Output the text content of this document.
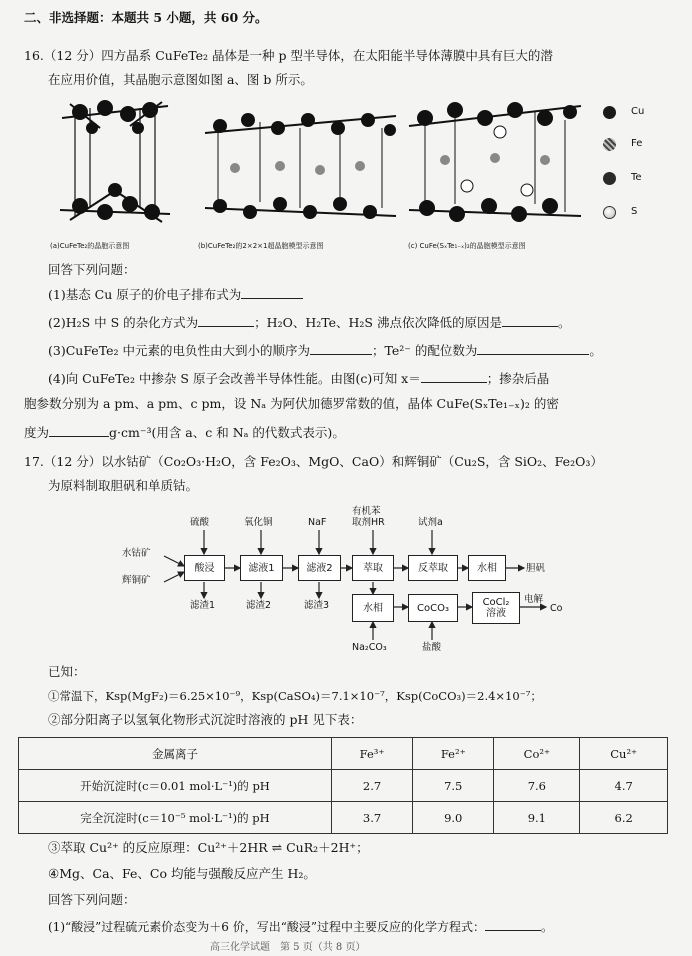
二、非选择题：本题共 5 小题，共 60 分。
16.（12 分）四方晶系 CuFeTe₂ 晶体是一种 p 型半导体，在太阳能半导体薄膜中具有巨大的潜
在应用价值，其晶胞示意图如图 a、图 b 所示。
(a)CuFeTe₂的晶胞示意图	(b)CuFeTe₂的2×2×1超晶胞模型示意图	(c) CuFe(SₓTe₁₋ₓ)₂的晶胞模型示意图
Cu
Fe
Te
S
回答下列问题：
(1)基态 Cu 原子的价电子排布式为
(2)H₂S 中 S 的杂化方式为	；H₂O、H₂Te、H₂S 沸点依次降低的原因是	。
(3)CuFeTe₂ 中元素的电负性由大到小的顺序为	；Te²⁻ 的配位数为	。
(4)向 CuFeTe₂ 中掺杂 S 原子会改善半导体性能。由图(c)可知 x＝	；掺杂后晶
胞参数分别为 a pm、a pm、c pm，设 Nₐ 为阿伏加德罗常数的值，晶体 CuFe(SₓTe₁₋ₓ)₂ 的密
度为	g·cm⁻³(用含 a、c 和 Nₐ 的代数式表示)。
17.（12 分）以水钴矿（Co₂O₃·H₂O，含 Fe₂O₃、MgO、CaO）和辉铜矿（Cu₂S，含 SiO₂、Fe₂O₃）
为原料制取胆矾和单质钴。
水钴矿
辉铜矿
硫酸	氧化铜	NaF
有机苯
取剂HR	试剂a
酸浸	滤液1	滤液2	萃取	反萃取	水相	胆矾
滤渣1	滤渣2	滤渣3	水相	CoCO₃	CoCl₂
溶液
电解
Co
Na₂CO₃	盐酸
已知：
①常温下，Ksp(MgF₂)＝6.25×10⁻⁹，Ksp(CaSO₄)＝7.1×10⁻⁷，Ksp(CoCO₃)＝2.4×10⁻⁷；
②部分阳离子以氢氧化物形式沉淀时溶液的 pH 见下表：
金属离子	Fe³⁺	Fe²⁺	Co²⁺	Cu²⁺
开始沉淀时(c＝0.01 mol·L⁻¹)的 pH	2.7	7.5	7.6	4.7
完全沉淀时(c＝10⁻⁵ mol·L⁻¹)的 pH	3.7	9.0	9.1	6.2
③萃取 Cu²⁺ 的反应原理：Cu²⁺＋2HR ⇌ CuR₂＋2H⁺；
④Mg、Ca、Fe、Co 均能与强酸反应产生 H₂。
回答下列问题：
(1)“酸浸”过程硫元素价态变为＋6 价，写出“酸浸”过程中主要反应的化学方程式：	。
高三化学试题　第 5 页（共 8 页）
